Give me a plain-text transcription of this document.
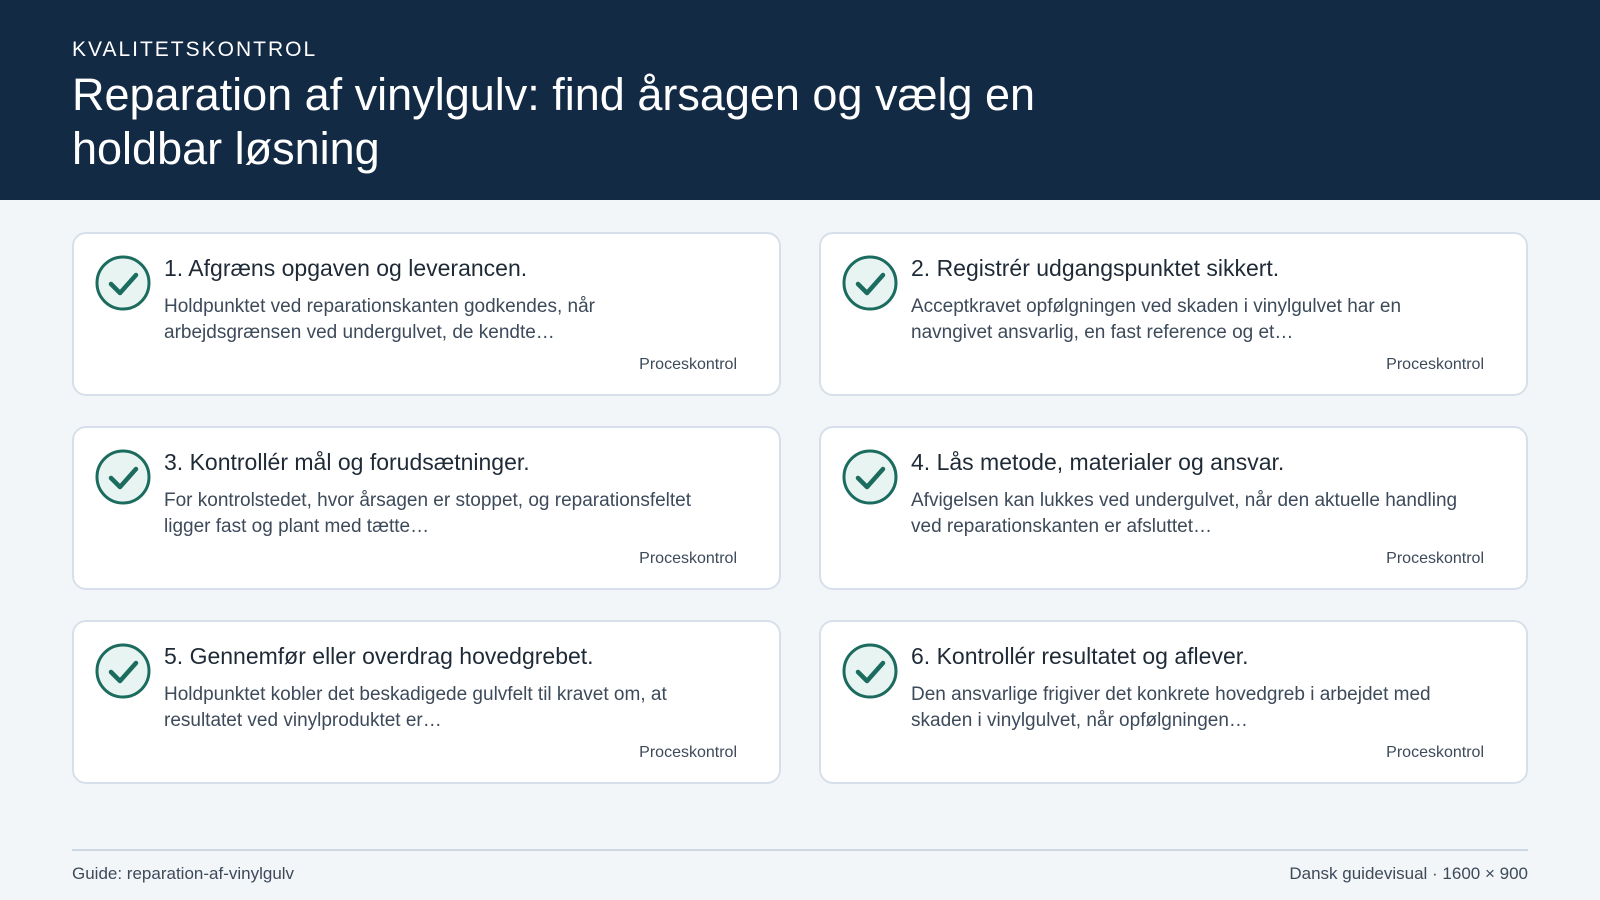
KVALITETSKONTROL
Reparation af vinylgulv: find årsagen og vælg en holdbar løsning
1. Afgræns opgaven og leverancen.
Holdpunktet ved reparationskanten godkendes, når arbejdsgrænsen ved undergulvet, de kendte…
Proceskontrol
2. Registrér udgangspunktet sikkert.
Acceptkravet opfølgningen ved skaden i vinylgulvet har en navngivet ansvarlig, en fast reference og et…
Proceskontrol
3. Kontrollér mål og forudsætninger.
For kontrolstedet, hvor årsagen er stoppet, og reparationsfeltet ligger fast og plant med tætte…
Proceskontrol
4. Lås metode, materialer og ansvar.
Afvigelsen kan lukkes ved undergulvet, når den aktuelle handling ved reparationskanten er afsluttet…
Proceskontrol
5. Gennemfør eller overdrag hovedgrebet.
Holdpunktet kobler det beskadigede gulvfelt til kravet om, at resultatet ved vinylproduktet er…
Proceskontrol
6. Kontrollér resultatet og aflever.
Den ansvarlige frigiver det konkrete hovedgreb i arbejdet med skaden i vinylgulvet, når opfølgningen…
Proceskontrol
Guide: reparation-af-vinylgulv	Dansk guidevisual · 1600 × 900
